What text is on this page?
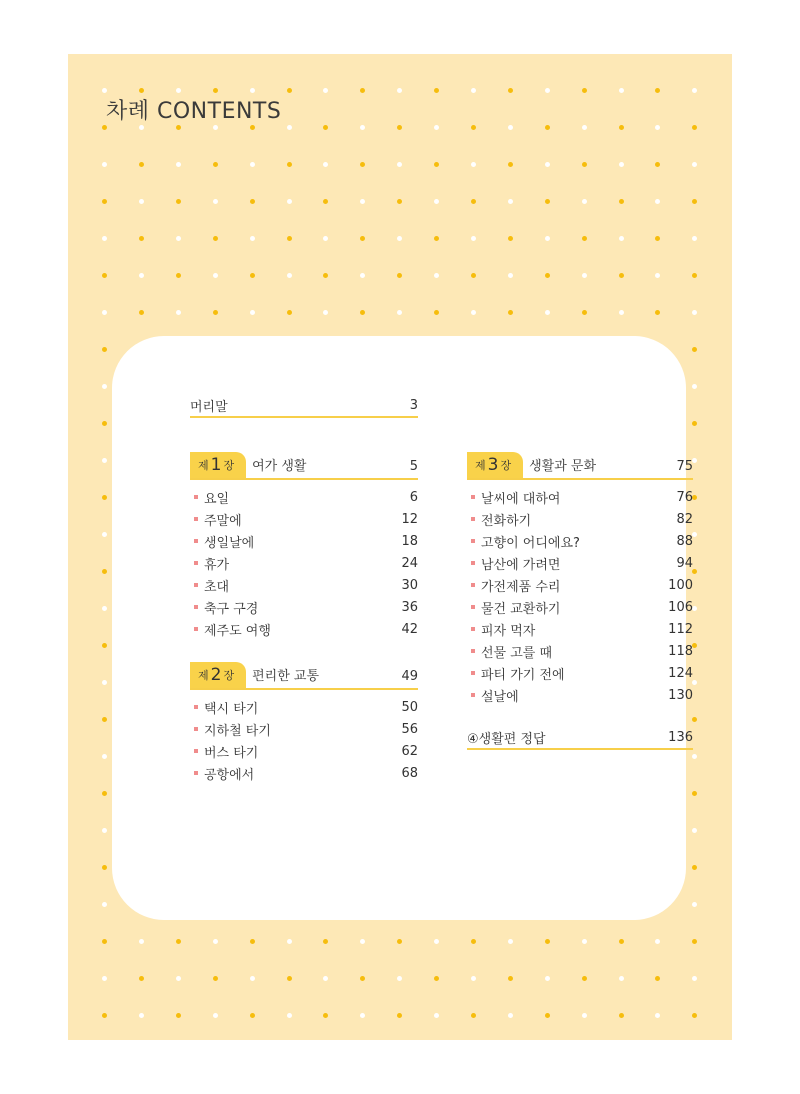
차례 CONTENTS
머리말	3
제 1 장 여가 생활	5
요일	6
주말에	12
생일날에	18
휴가	24
초대	30
축구 구경	36
제주도 여행	42
제 2 장 편리한 교통	49
택시 타기	50
지하철 타기	56
버스 타기	62
공항에서	68
제 3 장 생활과 문화	75
날씨에 대하여	76
전화하기	82
고향이 어디에요?	88
남산에 가려면	94
가전제품 수리	100
물건 교환하기	106
피자 먹자	112
선물 고를 때	118
파티 가기 전에	124
설날에	130
④생활편 정답	136
